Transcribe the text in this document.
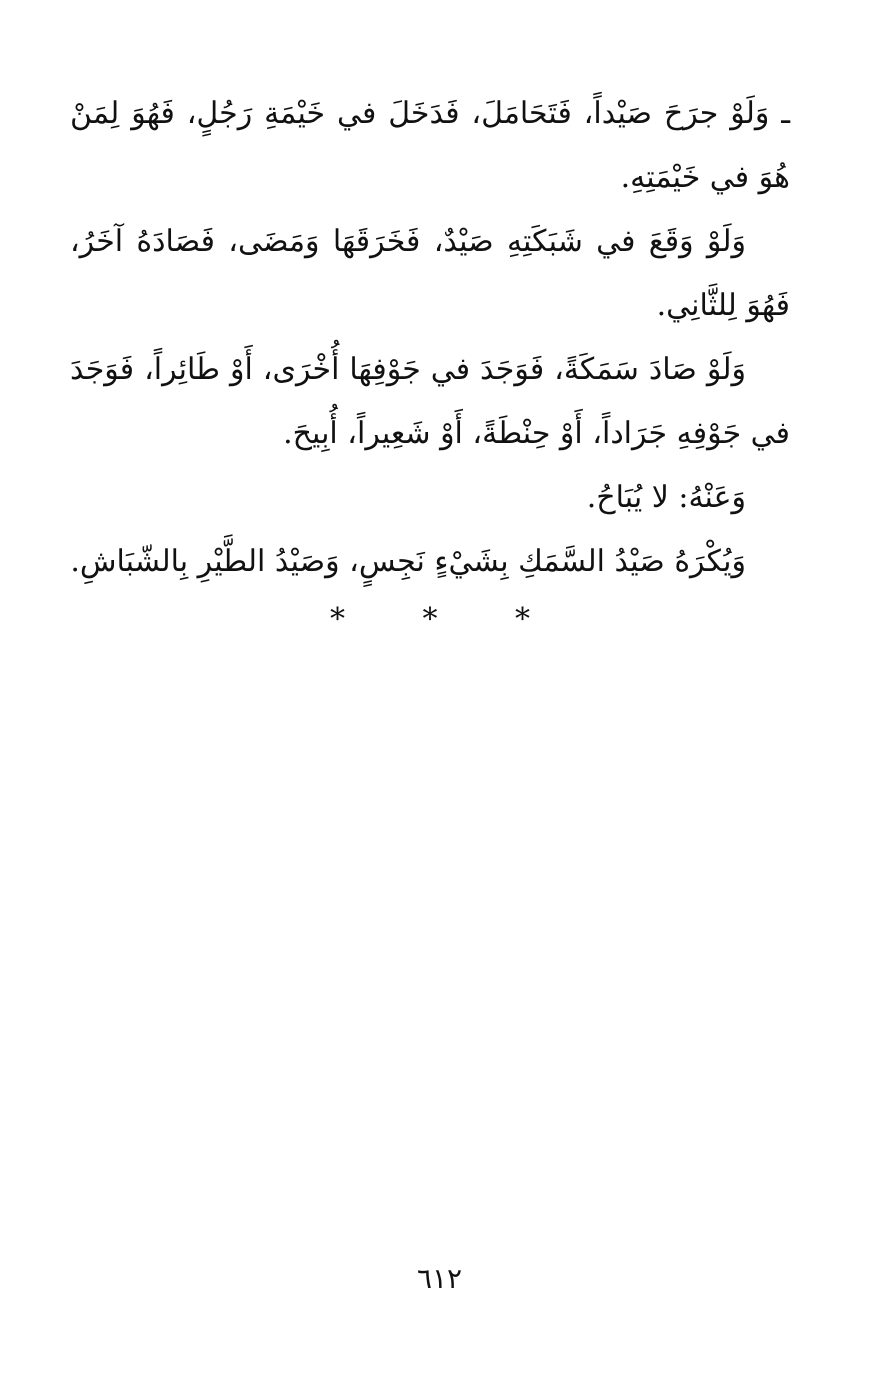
ـ وَلَوْ جرَحَ صَيْداً، فَتَحَامَلَ، فَدَخَلَ في خَيْمَةِ رَجُلٍ، فَهُوَ لِمَنْ هُوَ في خَيْمَتِهِ.

وَلَوْ وَقَعَ في شَبَكَتِهِ صَيْدٌ، فَخَرَقَهَا وَمَضَى، فَصَادَهُ آخَرُ، فَهُوَ لِلثَّانِي.

وَلَوْ صَادَ سَمَكَةً، فَوَجَدَ في جَوْفِهَا أُخْرَى، أَوْ طَائِراً، فَوَجَدَ في جَوْفِهِ جَرَاداً، أَوْ حِنْطَةً، أَوْ شَعِيراً، أُبِيحَ.

وَعَنْهُ: لا يُبَاحُ.

وَيُكْرَهُ صَيْدُ السَّمَكِ بِشَيْءٍ نَجِسٍ، وَصَيْدُ الطَّيْرِ بِالشّبَاشِ.

* * *
٦١٢
